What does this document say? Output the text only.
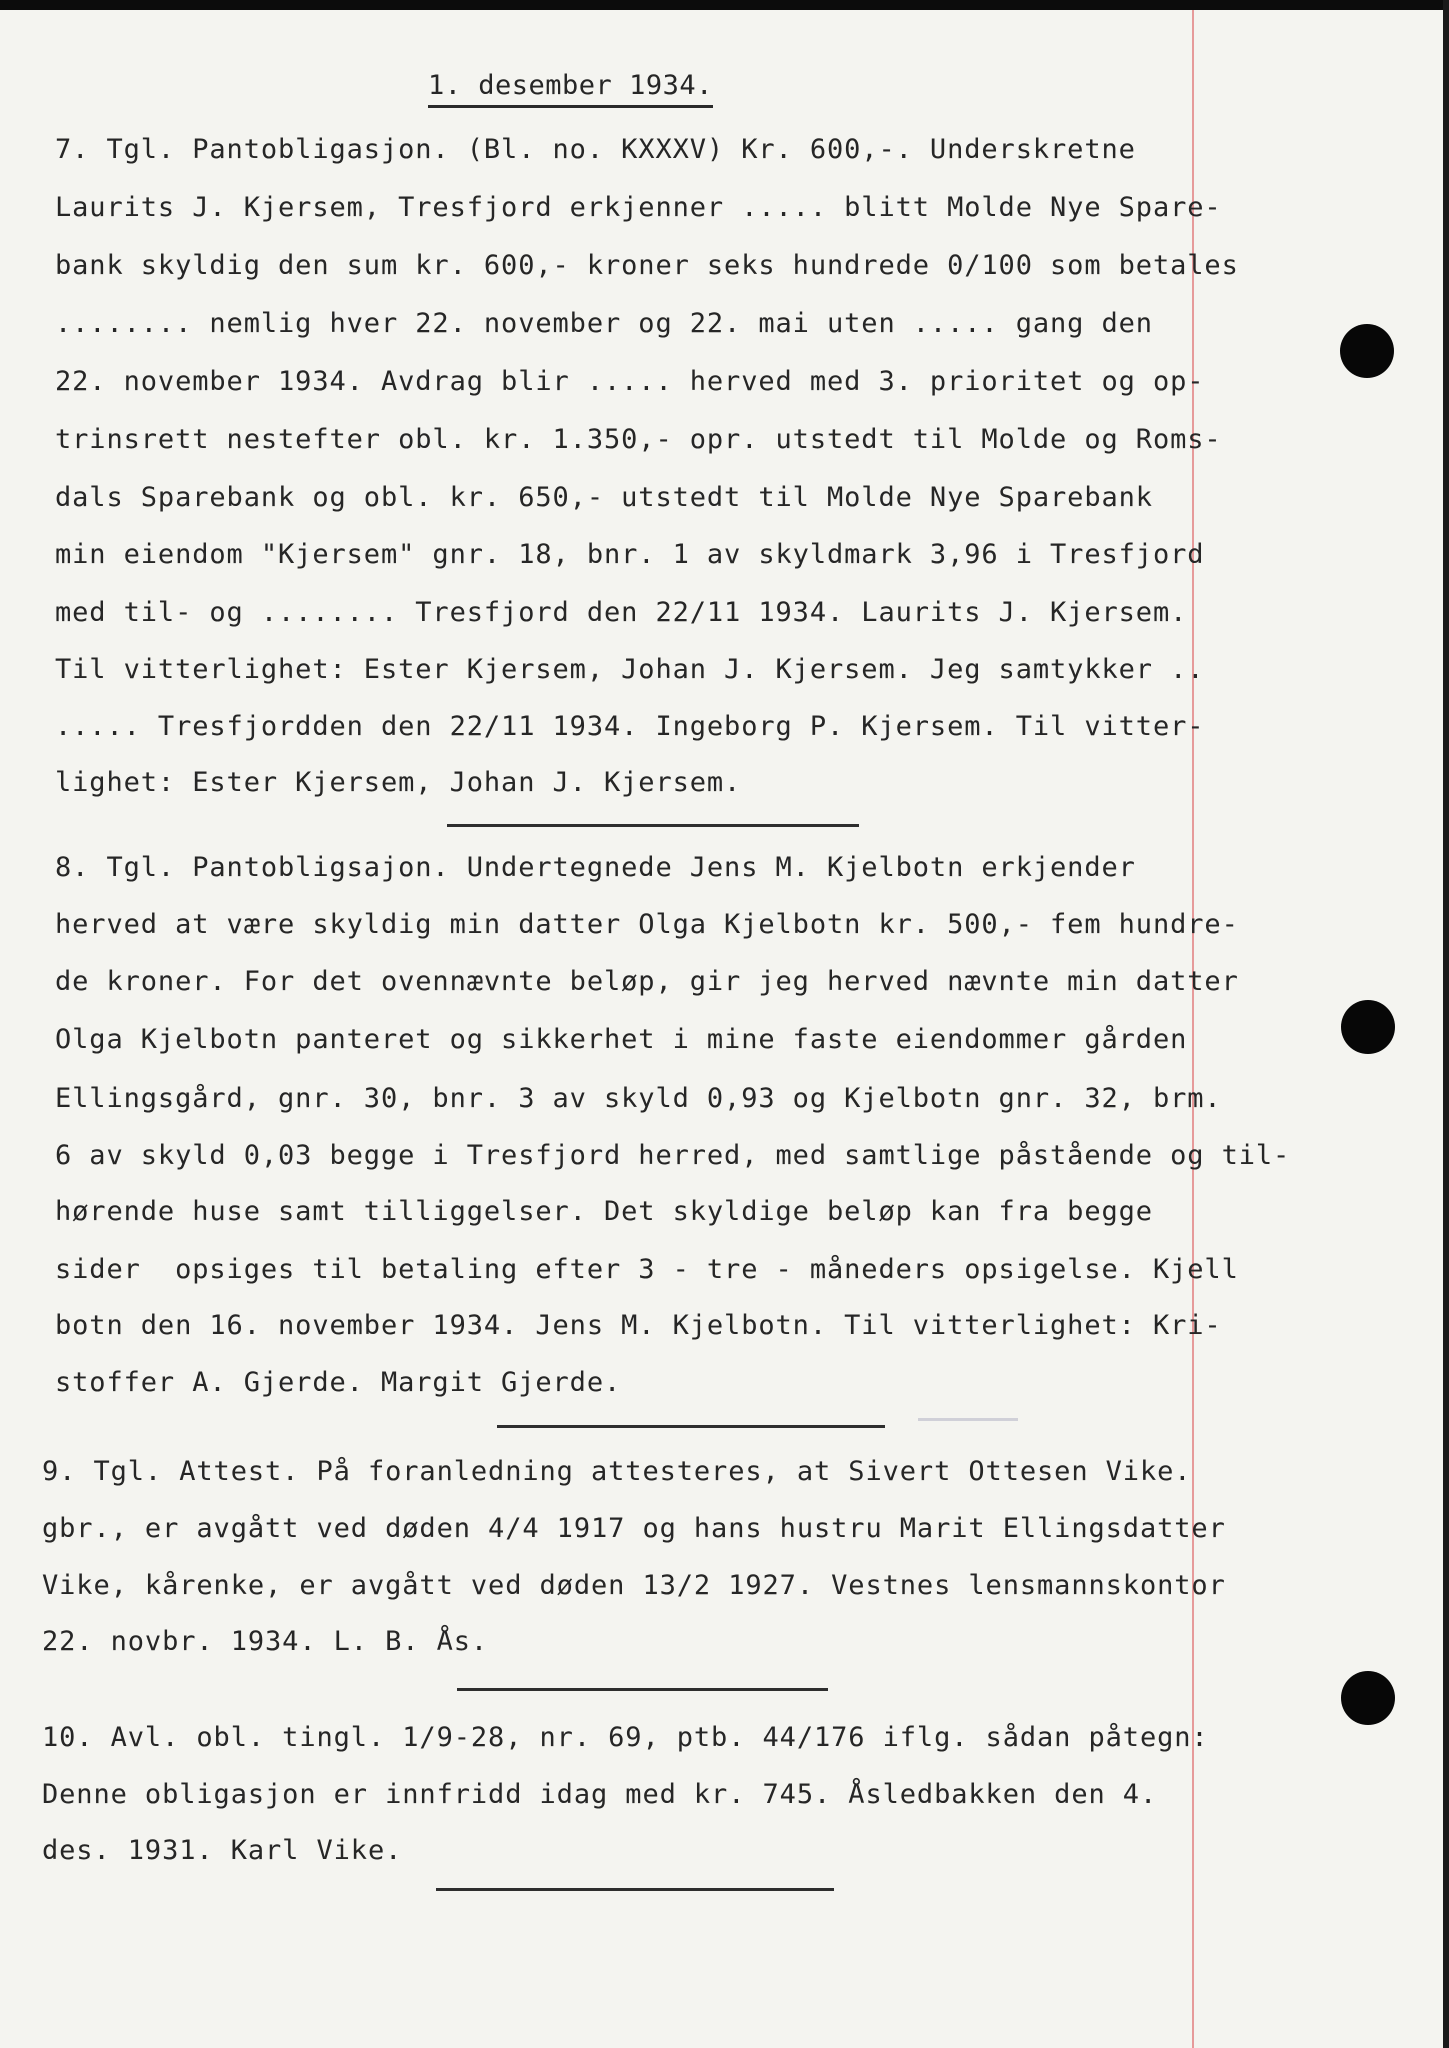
1. desember 1934.
7. Tgl. Pantobligasjon. (Bl. no. KXXXV) Kr. 600,-. Underskretne
Laurits J. Kjersem, Tresfjord erkjenner ..... blitt Molde Nye Spare-
bank skyldig den sum kr. 600,- kroner seks hundrede 0/100 som betales
........ nemlig hver 22. november og 22. mai uten ..... gang den
22. november 1934. Avdrag blir ..... herved med 3. prioritet og op-
trinsrett nestefter obl. kr. 1.350,- opr. utstedt til Molde og Roms-
dals Sparebank og obl. kr. 650,- utstedt til Molde Nye Sparebank
min eiendom "Kjersem" gnr. 18, bnr. 1 av skyldmark 3,96 i Tresfjord
med til- og ........ Tresfjord den 22/11 1934. Laurits J. Kjersem.
Til vitterlighet: Ester Kjersem, Johan J. Kjersem. Jeg samtykker ..
..... Tresfjordden den 22/11 1934. Ingeborg P. Kjersem. Til vitter-
lighet: Ester Kjersem, Johan J. Kjersem.
8. Tgl. Pantobligsajon. Undertegnede Jens M. Kjelbotn erkjender
herved at være skyldig min datter Olga Kjelbotn kr. 500,- fem hundre-
de kroner. For det ovennævnte beløp, gir jeg herved nævnte min datter
Olga Kjelbotn panteret og sikkerhet i mine faste eiendommer gården
Ellingsgård, gnr. 30, bnr. 3 av skyld 0,93 og Kjelbotn gnr. 32, brm.
6 av skyld 0,03 begge i Tresfjord herred, med samtlige påstående og til-
hørende huse samt tilliggelser. Det skyldige beløp kan fra begge
sider  opsiges til betaling efter 3 - tre - måneders opsigelse. Kjell
botn den 16. november 1934. Jens M. Kjelbotn. Til vitterlighet: Kri-
stoffer A. Gjerde. Margit Gjerde.
9. Tgl. Attest. På foranledning attesteres, at Sivert Ottesen Vike.
gbr., er avgått ved døden 4/4 1917 og hans hustru Marit Ellingsdatter
Vike, kårenke, er avgått ved døden 13/2 1927. Vestnes lensmannskontor
22. novbr. 1934. L. B. Ås.
10. Avl. obl. tingl. 1/9-28, nr. 69, ptb. 44/176 iflg. sådan påtegn:
Denne obligasjon er innfridd idag med kr. 745. Åsledbakken den 4.
des. 1931. Karl Vike.
